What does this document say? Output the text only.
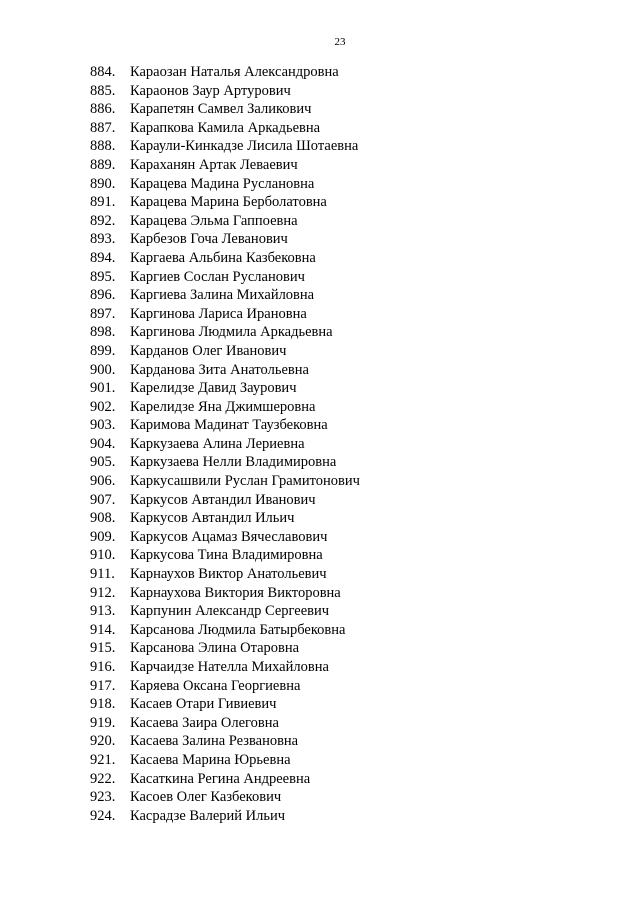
23
884. Караозан Наталья Александровна
885. Караонов Заур Артурович
886. Карапетян Самвел Заликович
887. Карапкова Камила Аркадьевна
888. Караули-Кинкадзе Лисила Шотаевна
889. Караханян Артак Леваевич
890. Карацева Мадина Руслановна
891. Карацева Марина Берболатовна
892. Карацева Эльма Гаппоевна
893. Карбезов Гоча Леванович
894. Каргаева Альбина Казбековна
895. Каргиев Сослан Русланович
896. Каргиева Залина Михайловна
897. Каргинова Лариса Ирановна
898. Каргинова Людмила Аркадьевна
899. Карданов Олег Иванович
900. Карданова Зита Анатольевна
901. Карелидзе Давид Заурович
902. Карелидзе Яна Джимшеровна
903. Каримова Мадинат Таузбековна
904. Каркузаева Алина Лериевна
905. Каркузаева Нелли Владимировна
906. Каркусашвили Руслан Грамитонович
907. Каркусов Автандил Иванович
908. Каркусов Автандил Ильич
909. Каркусов Ацамаз Вячеславович
910. Каркусова Тина Владимировна
911. Карнаухов Виктор Анатольевич
912. Карнаухова Виктория Викторовна
913. Карпунин Александр Сергеевич
914. Карсанова Людмила Батырбековна
915. Карсанова Элина Отаровна
916. Карчаидзе Нателла Михайловна
917. Каряева Оксана Георгиевна
918. Касаев Отари Гивиевич
919. Касаева Заира Олеговна
920. Касаева Залина Резвановна
921. Касаева Марина Юрьевна
922. Касаткина Регина Андреевна
923. Касоев Олег Казбекович
924. Касрадзе Валерий Ильич
